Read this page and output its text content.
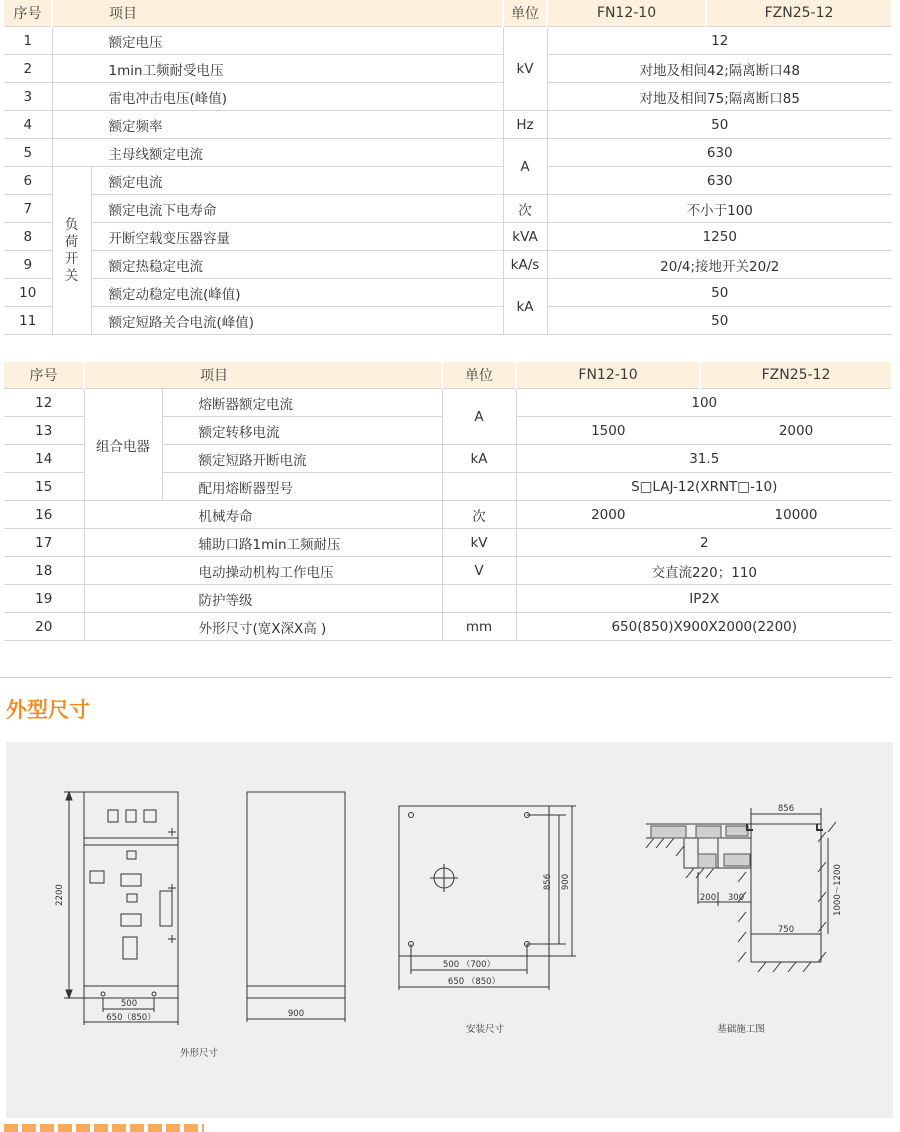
序号	项目		单位	FN12-10	FZN25-12
1	额定电压		kV	12	
2	1min工频耐受电压			对地及相间42;隔离断口48	
3	雷电冲击电压(峰值)			对地及相间75;隔离断口85	
4	额定频率		Hz	50	
5	主母线额定电流		A	630	
6	负荷开关	额定电流		630	
7		额定电流下电寿命	次	不小于100	
8		开断空载变压器容量	kVA	1250	
9		额定热稳定电流	kA/s	20/4;接地开关20/2	
10		额定动稳定电流(峰值)	kA	50	
11		额定短路关合电流(峰值)		50	
序号	项目		单位	FN12-10	FZN25-12
12	组合电器	熔断器额定电流	A	100	
13		额定转移电流		1500	2000
14		额定短路开断电流	kA	31.5	
15		配用熔断器型号		S□LAJ-12(XRNT□-10)	
16	机械寿命		次	2000	10000
17	辅助口路1min工频耐压		kV	2	
18	电动操动机构工作电压		V	交直流220；110	
19	防护等级			IP2X	
20	外形尺寸(宽X深X高 )		mm	650(850)X900X2000(2200)	
外型尺寸
2200
500
650（850）	900
856 900
500 （700）
650 （850）
856
200 300
750
1000～1200
安装尺寸	基础施工图
外形尺寸
